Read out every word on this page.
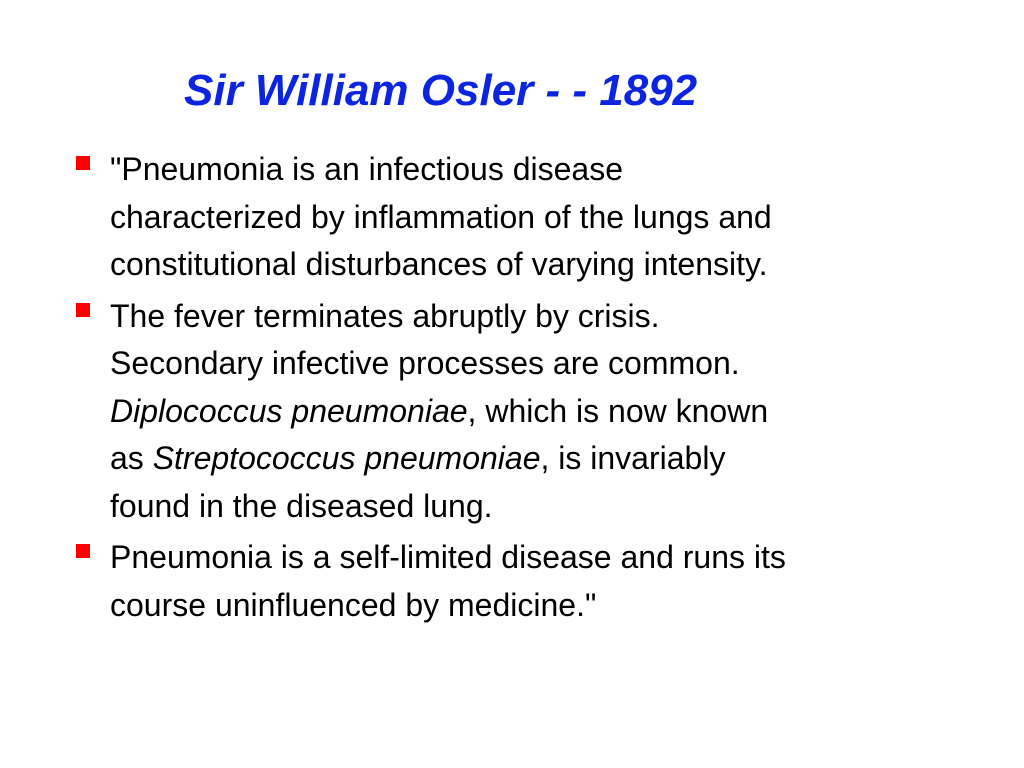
Sir William Osler - - 1892
"Pneumonia is an infectious disease
characterized by inflammation of the lungs and
constitutional disturbances of varying intensity.
The fever terminates abruptly by crisis.
Secondary infective processes are common.
Diplococcus pneumoniae, which is now known
as Streptococcus pneumoniae, is invariably
found in the diseased lung.
Pneumonia is a self-limited disease and runs its
course uninfluenced by medicine."
